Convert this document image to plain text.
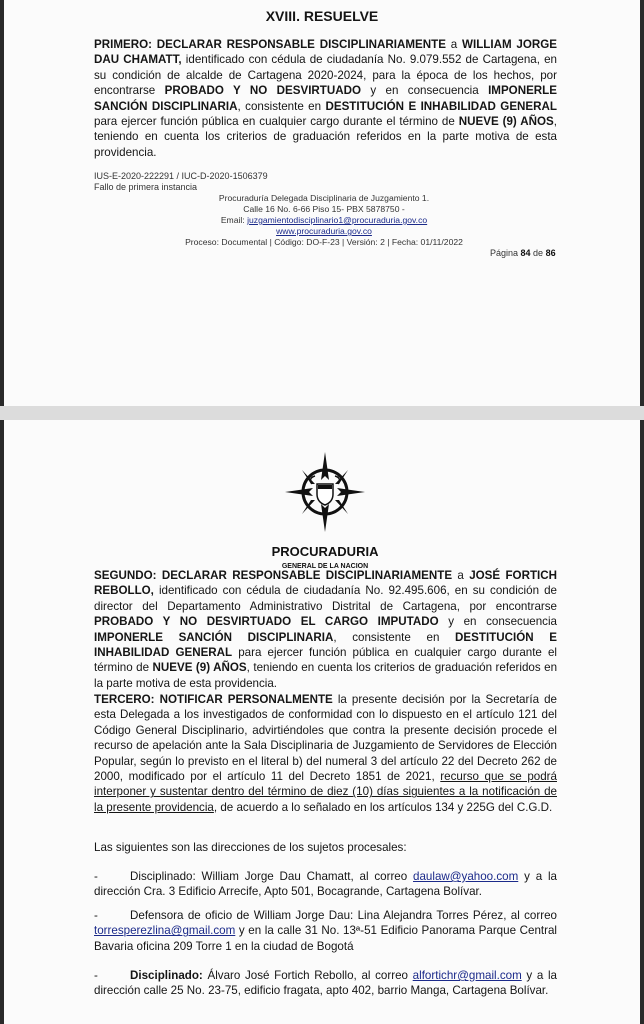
XVIII. RESUELVE
PRIMERO: DECLARAR RESPONSABLE DISCIPLINARIAMENTE a WILLIAM JORGE DAU CHAMATT, identificado con cédula de ciudadanía No. 9.079.552 de Cartagena, en su condición de alcalde de Cartagena 2020-2024, para la época de los hechos, por encontrarse PROBADO Y NO DESVIRTUADO y en consecuencia IMPONERLE SANCIÓN DISCIPLINARIA, consistente en DESTITUCIÓN E INHABILIDAD GENERAL para ejercer función pública en cualquier cargo durante el término de NUEVE (9) AÑOS, teniendo en cuenta los criterios de graduación referidos en la parte motiva de esta providencia.
IUS-E-2020-222291 / IUC-D-2020-1506379
Fallo de primera instancia
Procuraduría Delegada Disciplinaria de Juzgamiento 1.
Calle 16 No. 6-66 Piso 15- PBX 5878750 -
Email: juzgamientodisciplinario1@procuraduria.gov.co
www.procuraduria.gov.co
Proceso: Documental | Código: DO-F-23 | Versión: 2 | Fecha: 01/11/2022
Página 84 de 86
PROCURADURIA
GENERAL DE LA NACION
SEGUNDO: DECLARAR RESPONSABLE DISCIPLINARIAMENTE a JOSÉ FORTICH REBOLLO, identificado con cédula de ciudadanía No. 92.495.606, en su condición de director del Departamento Administrativo Distrital de Cartagena, por encontrarse PROBADO Y NO DESVIRTUADO EL CARGO IMPUTADO y en consecuencia IMPONERLE SANCIÓN DISCIPLINARIA, consistente en DESTITUCIÓN E INHABILIDAD GENERAL para ejercer función pública en cualquier cargo durante el término de NUEVE (9) AÑOS, teniendo en cuenta los criterios de graduación referidos en la parte motiva de esta providencia.
TERCERO: NOTIFICAR PERSONALMENTE la presente decisión por la Secretaría de esta Delegada a los investigados de conformidad con lo dispuesto en el artículo 121 del Código General Disciplinario, advirtiéndoles que contra la presente decisión procede el recurso de apelación ante la Sala Disciplinaria de Juzgamiento de Servidores de Elección Popular, según lo previsto en el literal b) del numeral 3 del artículo 22 del Decreto 262 de 2000, modificado por el artículo 11 del Decreto 1851 de 2021, recurso que se podrá interponer y sustentar dentro del término de diez (10) días siguientes a la notificación de la presente providencia, de acuerdo a lo señalado en los artículos 134 y 225G del C.G.D.
Las siguientes son las direcciones de los sujetos procesales:
-	Disciplinado: William Jorge Dau Chamatt, al correo daulaw@yahoo.com y a la dirección Cra. 3 Edificio Arrecife, Apto 501, Bocagrande, Cartagena Bolívar.
-	Defensora de oficio de William Jorge Dau: Lina Alejandra Torres Pérez, al correo torresperezlina@gmail.com y en la calle 31 No. 13ª-51 Edificio Panorama Parque Central Bavaria oficina 209 Torre 1 en la ciudad de Bogotá
-	Disciplinado: Álvaro José Fortich Rebollo, al correo alfortichr@gmail.com y a la dirección calle 25 No. 23-75, edificio fragata, apto 402, barrio Manga, Cartagena Bolívar.
